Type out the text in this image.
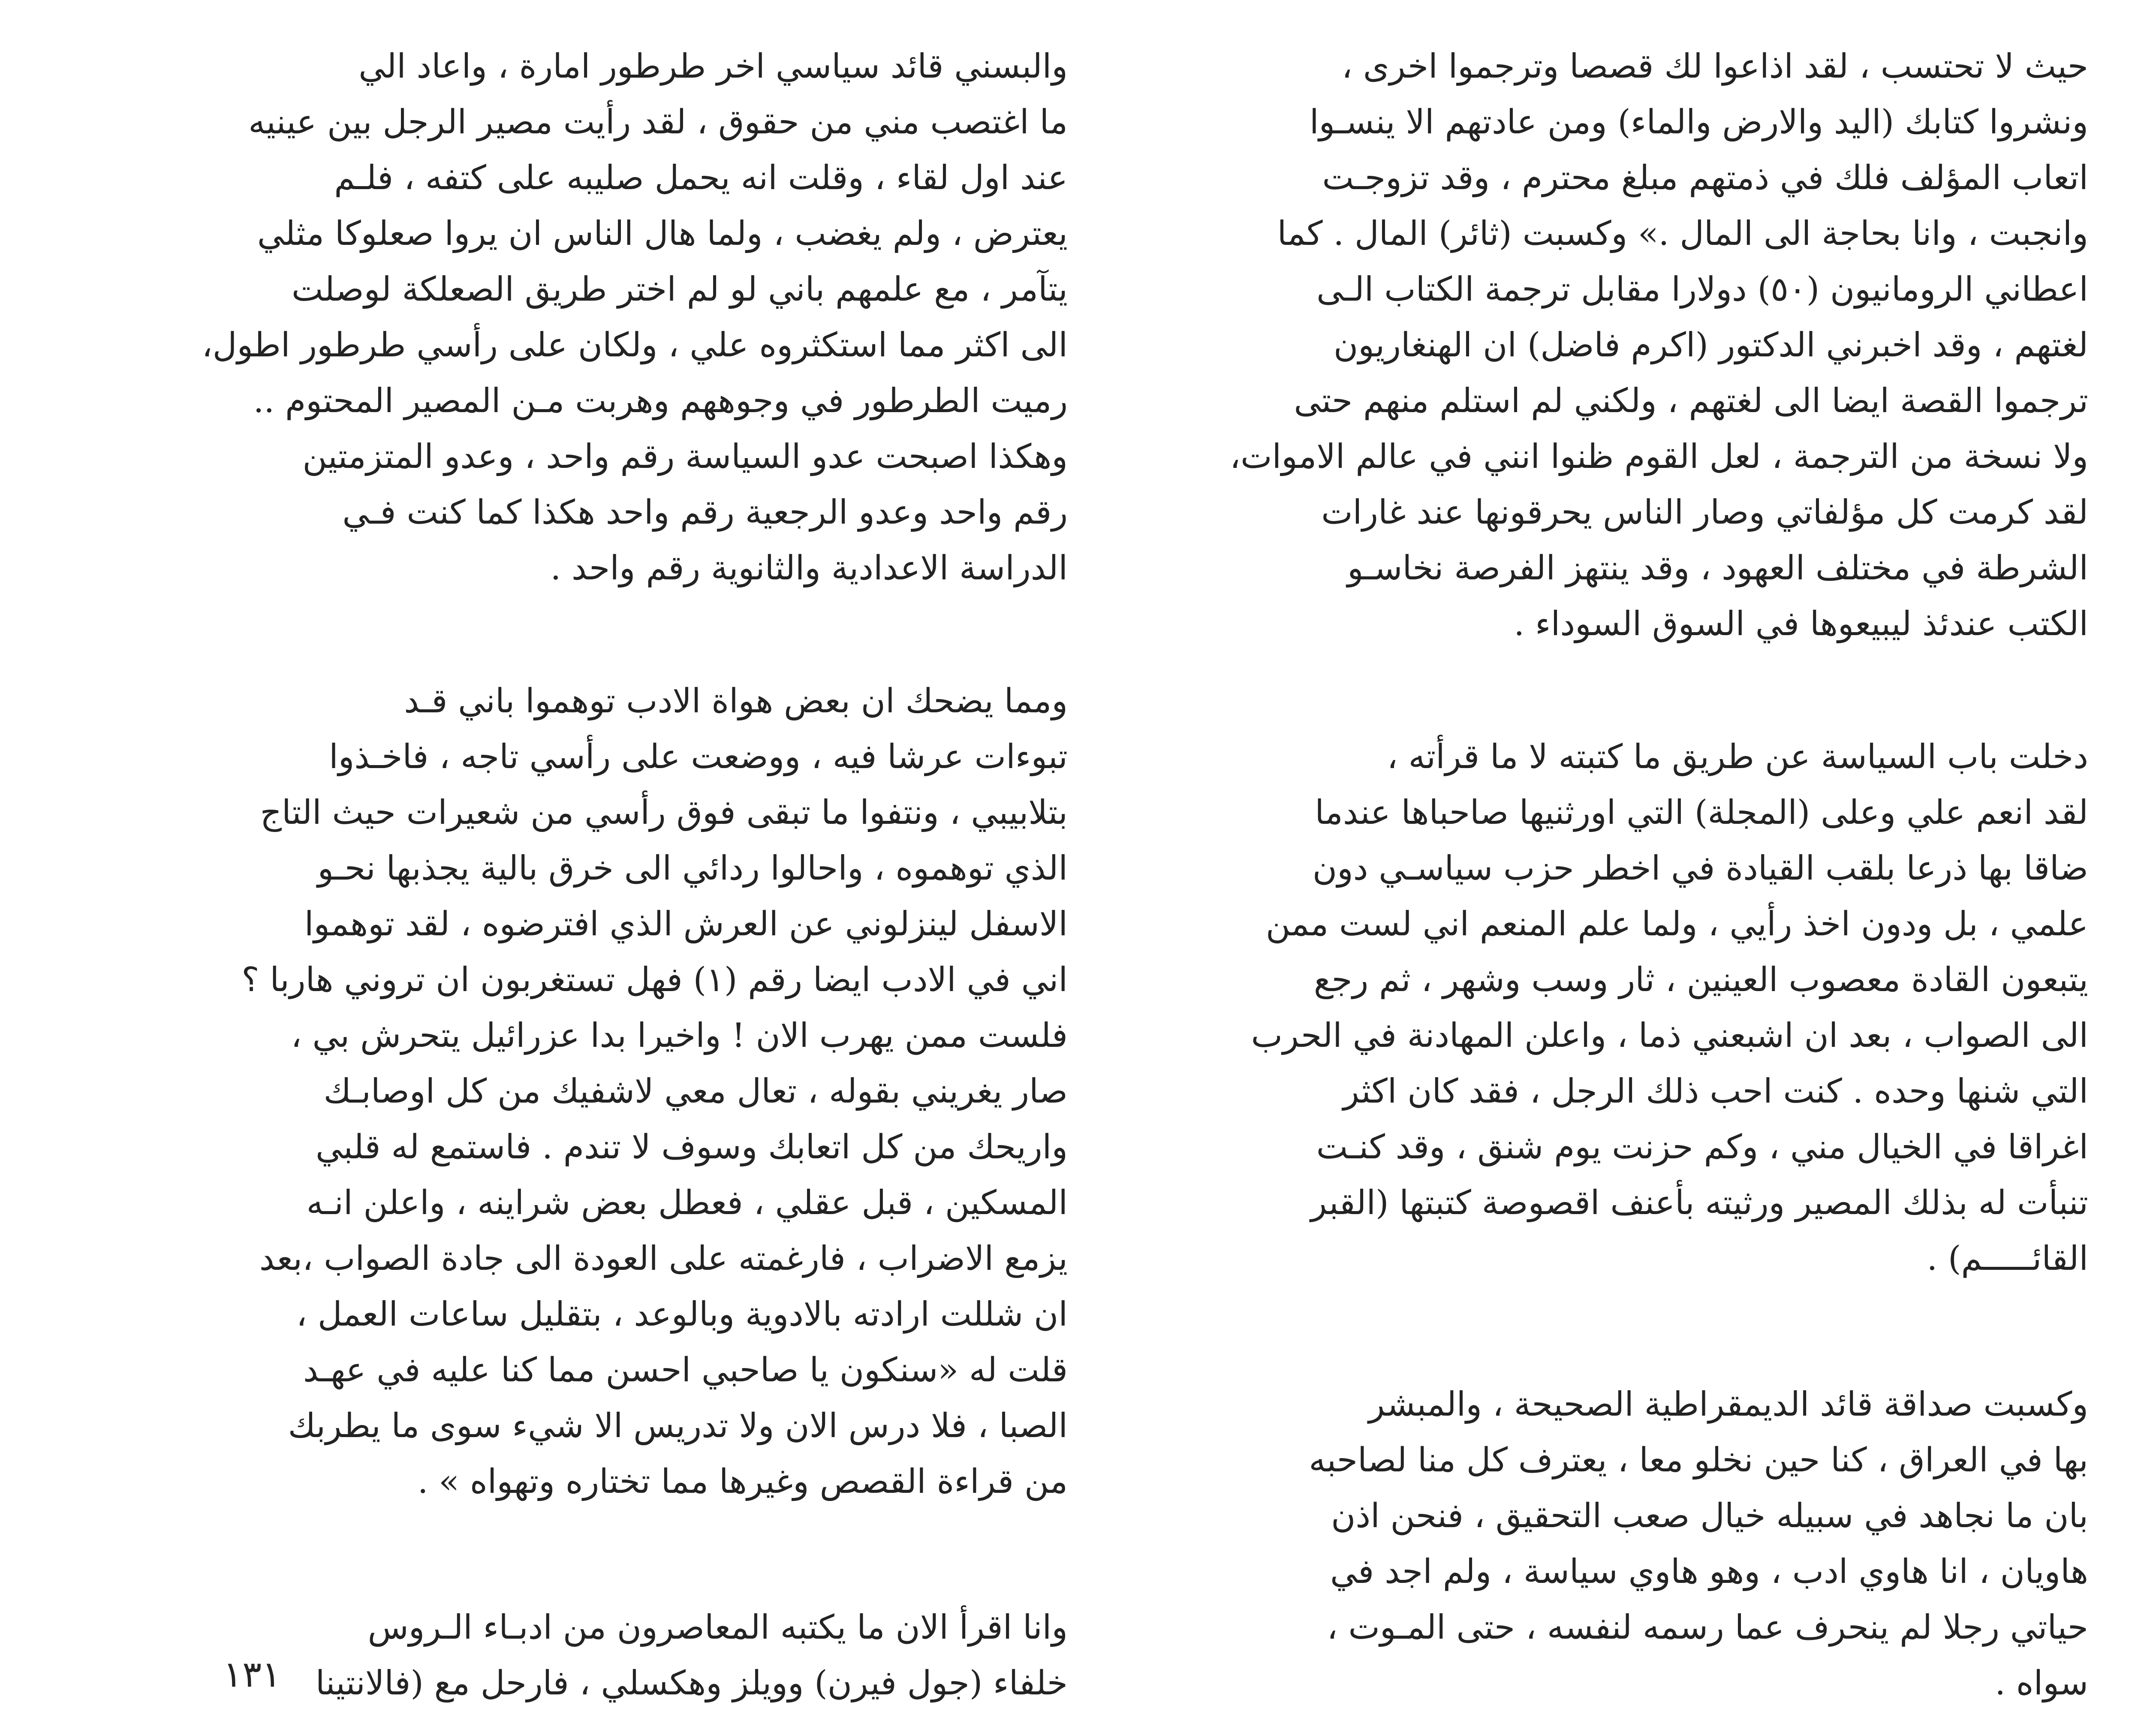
حيث لا تحتسب ، لقد اذاعوا لك قصصا وترجموا اخرى ،
ونشروا كتابك (اليد والارض والماء) ومن عادتهم الا ينسـوا
اتعاب المؤلف فلك في ذمتهم مبلغ محترم ، وقد تزوجـت
وانجبت ، وانا بحاجة الى المال .» وكسبت (ثائر) المال . كما
اعطاني الرومانيون (٥٠) دولارا مقابل ترجمة الكتاب الـى
لغتهم ، وقد اخبرني الدكتور (اكرم فاضل) ان الهنغاريون
ترجموا القصة ايضا الى لغتهم ، ولكني لم استلم منهم حتى
ولا نسخة من الترجمة ، لعل القوم ظنوا انني في عالم الاموات،
لقد كرمت كل مؤلفاتي وصار الناس يحرقونها عند غارات
الشرطة في مختلف العهود ، وقد ينتهز الفرصة نخاسـو
الكتب عندئذ ليبيعوها في السوق السوداء .

دخلت باب السياسة عن طريق ما كتبته لا ما قرأته ،
لقد انعم علي وعلى (المجلة) التي اورثنيها صاحباها عندما
ضاقا بها ذرعا بلقب القيادة في اخطر حزب سياسـي دون
علمي ، بل ودون اخذ رأيي ، ولما علم المنعم اني لست ممن
يتبعون القادة معصوب العينين ، ثار وسب وشهر ، ثم رجع
الى الصواب ، بعد ان اشبعني ذما ، واعلن المهادنة في الحرب
التي شنها وحده . كنت احب ذلك الرجل ، فقد كان اكثر
اغراقا في الخيال مني ، وكم حزنت يوم شنق ، وقد كنـت
تنبأت له بذلك المصير ورثيته بأعنف اقصوصة كتبتها (القبر
القائـــــم) .

وكسبت صداقة قائد الديمقراطية الصحيحة ، والمبشر
بها في العراق ، كنا حين نخلو معا ، يعترف كل منا لصاحبه
بان ما نجاهد في سبيله خيال صعب التحقيق ، فنحن اذن
هاويان ، انا هاوي ادب ، وهو هاوي سياسة ، ولم اجد في
حياتي رجلا لم ينحرف عما رسمه لنفسه ، حتى المـوت ،
سواه .

والبسني قائد سياسي اخر طرطور امارة ، واعاد الي
ما اغتصب مني من حقوق ، لقد رأيت مصير الرجل بين عينيه
عند اول لقاء ، وقلت انه يحمل صليبه على كتفه ، فلـم
يعترض ، ولم يغضب ، ولما هال الناس ان يروا صعلوكا مثلي
يتآمر ، مع علمهم باني لو لم اختر طريق الصعلكة لوصلت
الى اكثر مما استكثروه علي ، ولكان على رأسي طرطور اطول،
رميت الطرطور في وجوههم وهربت مـن المصير المحتوم ..
وهكذا اصبحت عدو السياسة رقم واحد ، وعدو المتزمتين
رقم واحد وعدو الرجعية رقم واحد هكذا كما كنت فـي
الدراسة الاعدادية والثانوية رقم واحد .

ومما يضحك ان بعض هواة الادب توهموا باني قـد
تبوءات عرشا فيه ، ووضعت على رأسي تاجه ، فاخـذوا
بتلابيبي ، ونتفوا ما تبقى فوق رأسي من شعيرات حيث التاج
الذي توهموه ، واحالوا ردائي الى خرق بالية يجذبها نحـو
الاسفل لينزلوني عن العرش الذي افترضوه ، لقد توهموا
اني في الادب ايضا رقم (١) فهل تستغربون ان تروني هاربا ؟
فلست ممن يهرب الان ! واخيرا بدا عزرائيل يتحرش بي ،
صار يغريني بقوله ، تعال معي لاشفيك من كل اوصابـك
واريحك من كل اتعابك وسوف لا تندم . فاستمع له قلبي
المسكين ، قبل عقلي ، فعطل بعض شراينه ، واعلن انـه
يزمع الاضراب ، فارغمته على العودة الى جادة الصواب ،بعد
ان شللت ارادته بالادوية وبالوعد ، بتقليل ساعات العمل ،
قلت له «سنكون يا صاحبي احسن مما كنا عليه في عهـد
الصبا ، فلا درس الان ولا تدريس الا شيء سوى ما يطربك
من قراءة القصص وغيرها مما تختاره وتهواه » .

وانا اقرأ الان ما يكتبه المعاصرون من ادبـاء الـروس
خلفاء (جول فيرن) وويلز وهكسلي ، فارحل مع (فالانتينا

١٣١
